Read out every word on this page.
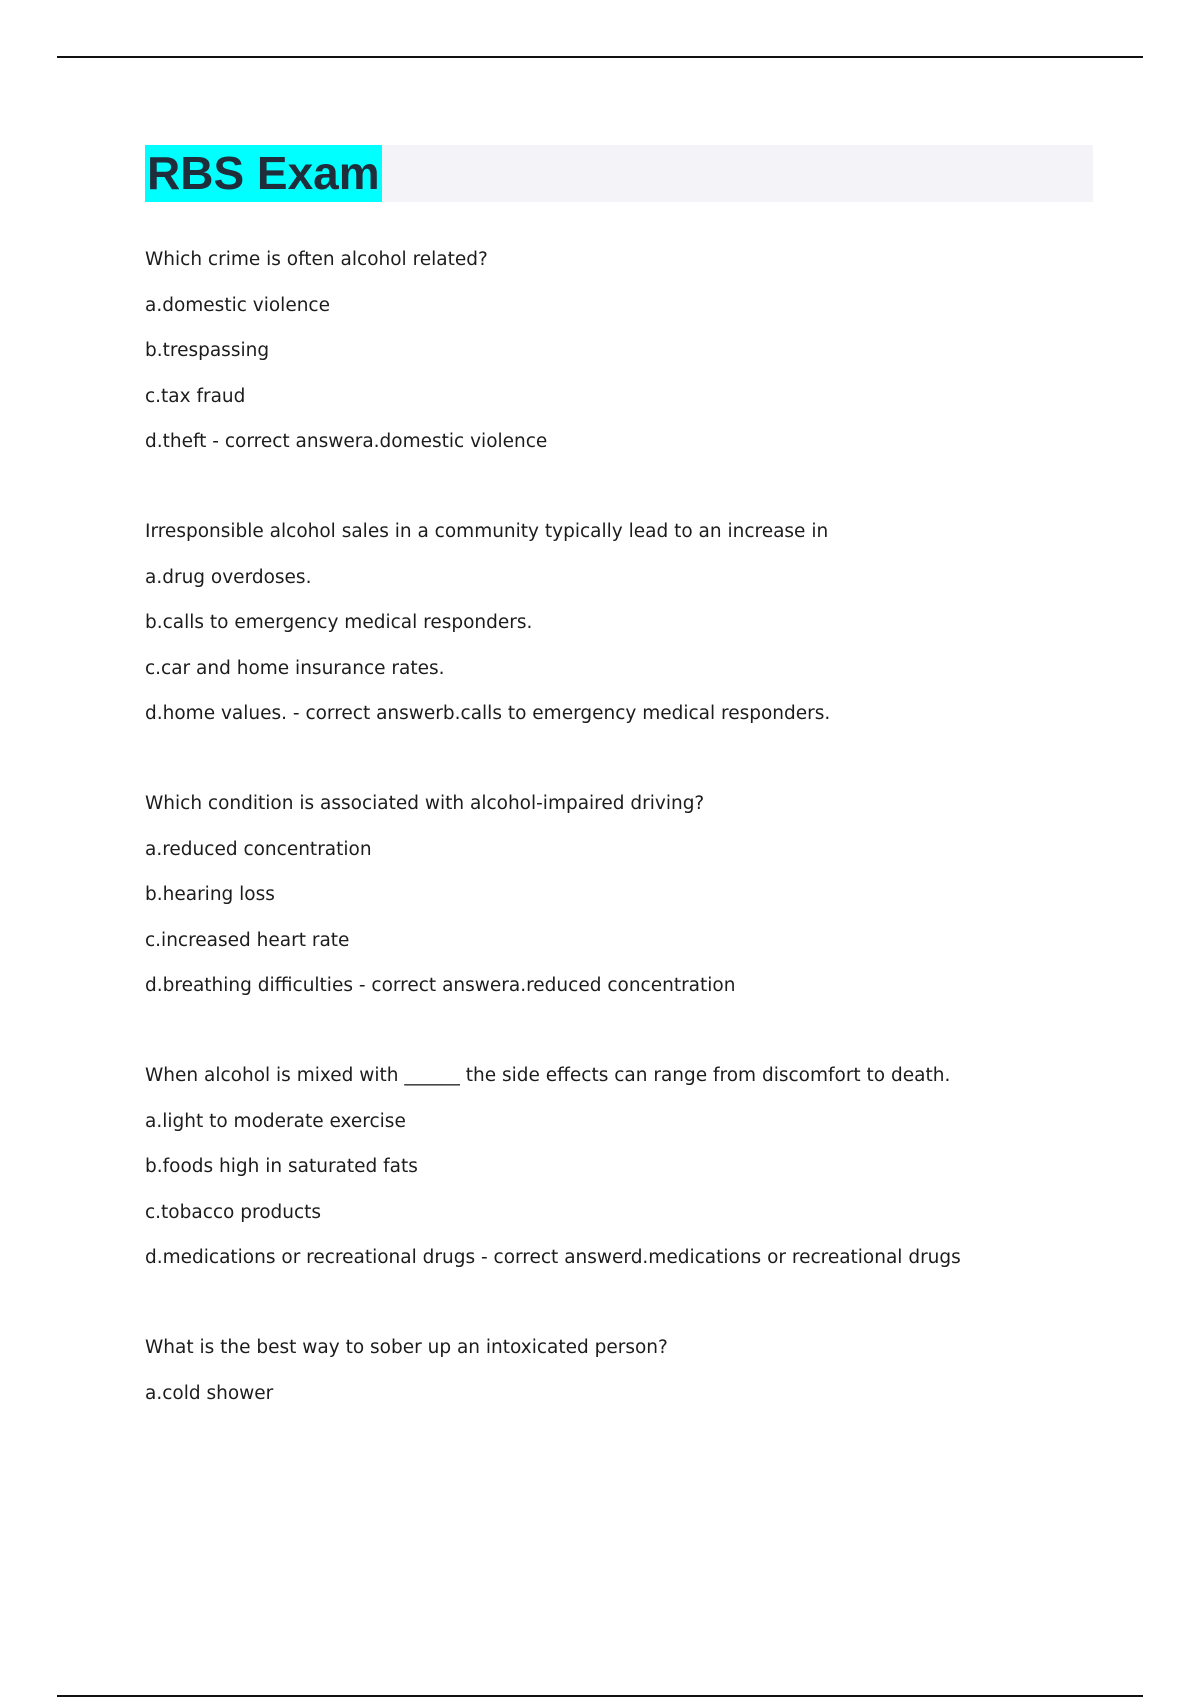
RBS Exam
Which crime is often alcohol related?
a.domestic violence
b.trespassing
c.tax fraud
d.theft - correct answera.domestic violence
Irresponsible alcohol sales in a community typically lead to an increase in
a.drug overdoses.
b.calls to emergency medical responders.
c.car and home insurance rates.
d.home values. - correct answerb.calls to emergency medical responders.
Which condition is associated with alcohol-impaired driving?
a.reduced concentration
b.hearing loss
c.increased heart rate
d.breathing difficulties - correct answera.reduced concentration
When alcohol is mixed with ______ the side effects can range from discomfort to death.
a.light to moderate exercise
b.foods high in saturated fats
c.tobacco products
d.medications or recreational drugs - correct answerd.medications or recreational drugs
What is the best way to sober up an intoxicated person?
a.cold shower
